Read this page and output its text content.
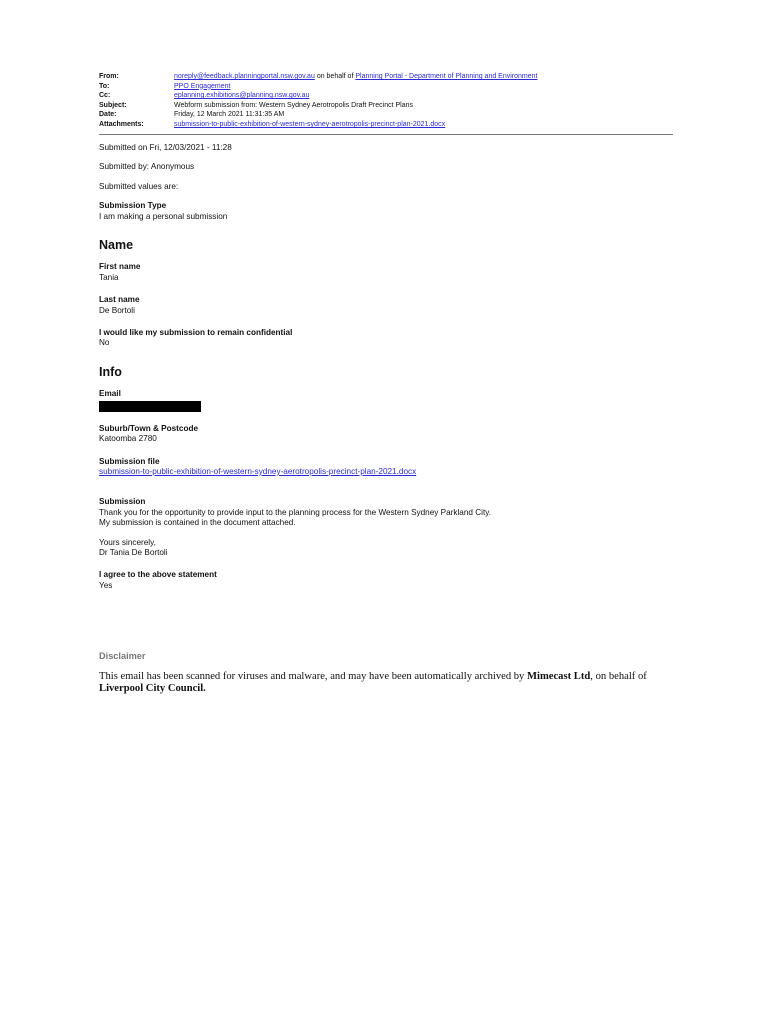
From:	noreply@feedback.planningportal.nsw.gov.au on behalf of Planning Portal - Department of Planning and Environment
To:	PPO Engagement
Cc:	eplanning.exhibitions@planning.nsw.gov.au
Subject:	Webform submission from: Western Sydney Aerotropolis Draft Precinct Plans
Date:	Friday, 12 March 2021 11:31:35 AM
Attachments:	submission-to-public-exhibition-of-western-sydney-aerotropolis-precinct-plan-2021.docx
Submitted on Fri, 12/03/2021 - 11:28
Submitted by: Anonymous
Submitted values are:
Submission Type
I am making a personal submission
Name
First name
Tania
Last name
De Bortoli
I would like my submission to remain confidential
No
Info
Email
Suburb/Town & Postcode
Katoomba 2780
Submission file
submission-to-public-exhibition-of-western-sydney-aerotropolis-precinct-plan-2021.docx
Submission
Thank you for the opportunity to provide input to the planning process for the Western Sydney Parkland City.
My submission is contained in the document attached.
Yours sincerely,
Dr Tania De Bortoli
I agree to the above statement
Yes
Disclaimer
This email has been scanned for viruses and malware, and may have been automatically archived by Mimecast Ltd, on behalf of Liverpool City Council.
